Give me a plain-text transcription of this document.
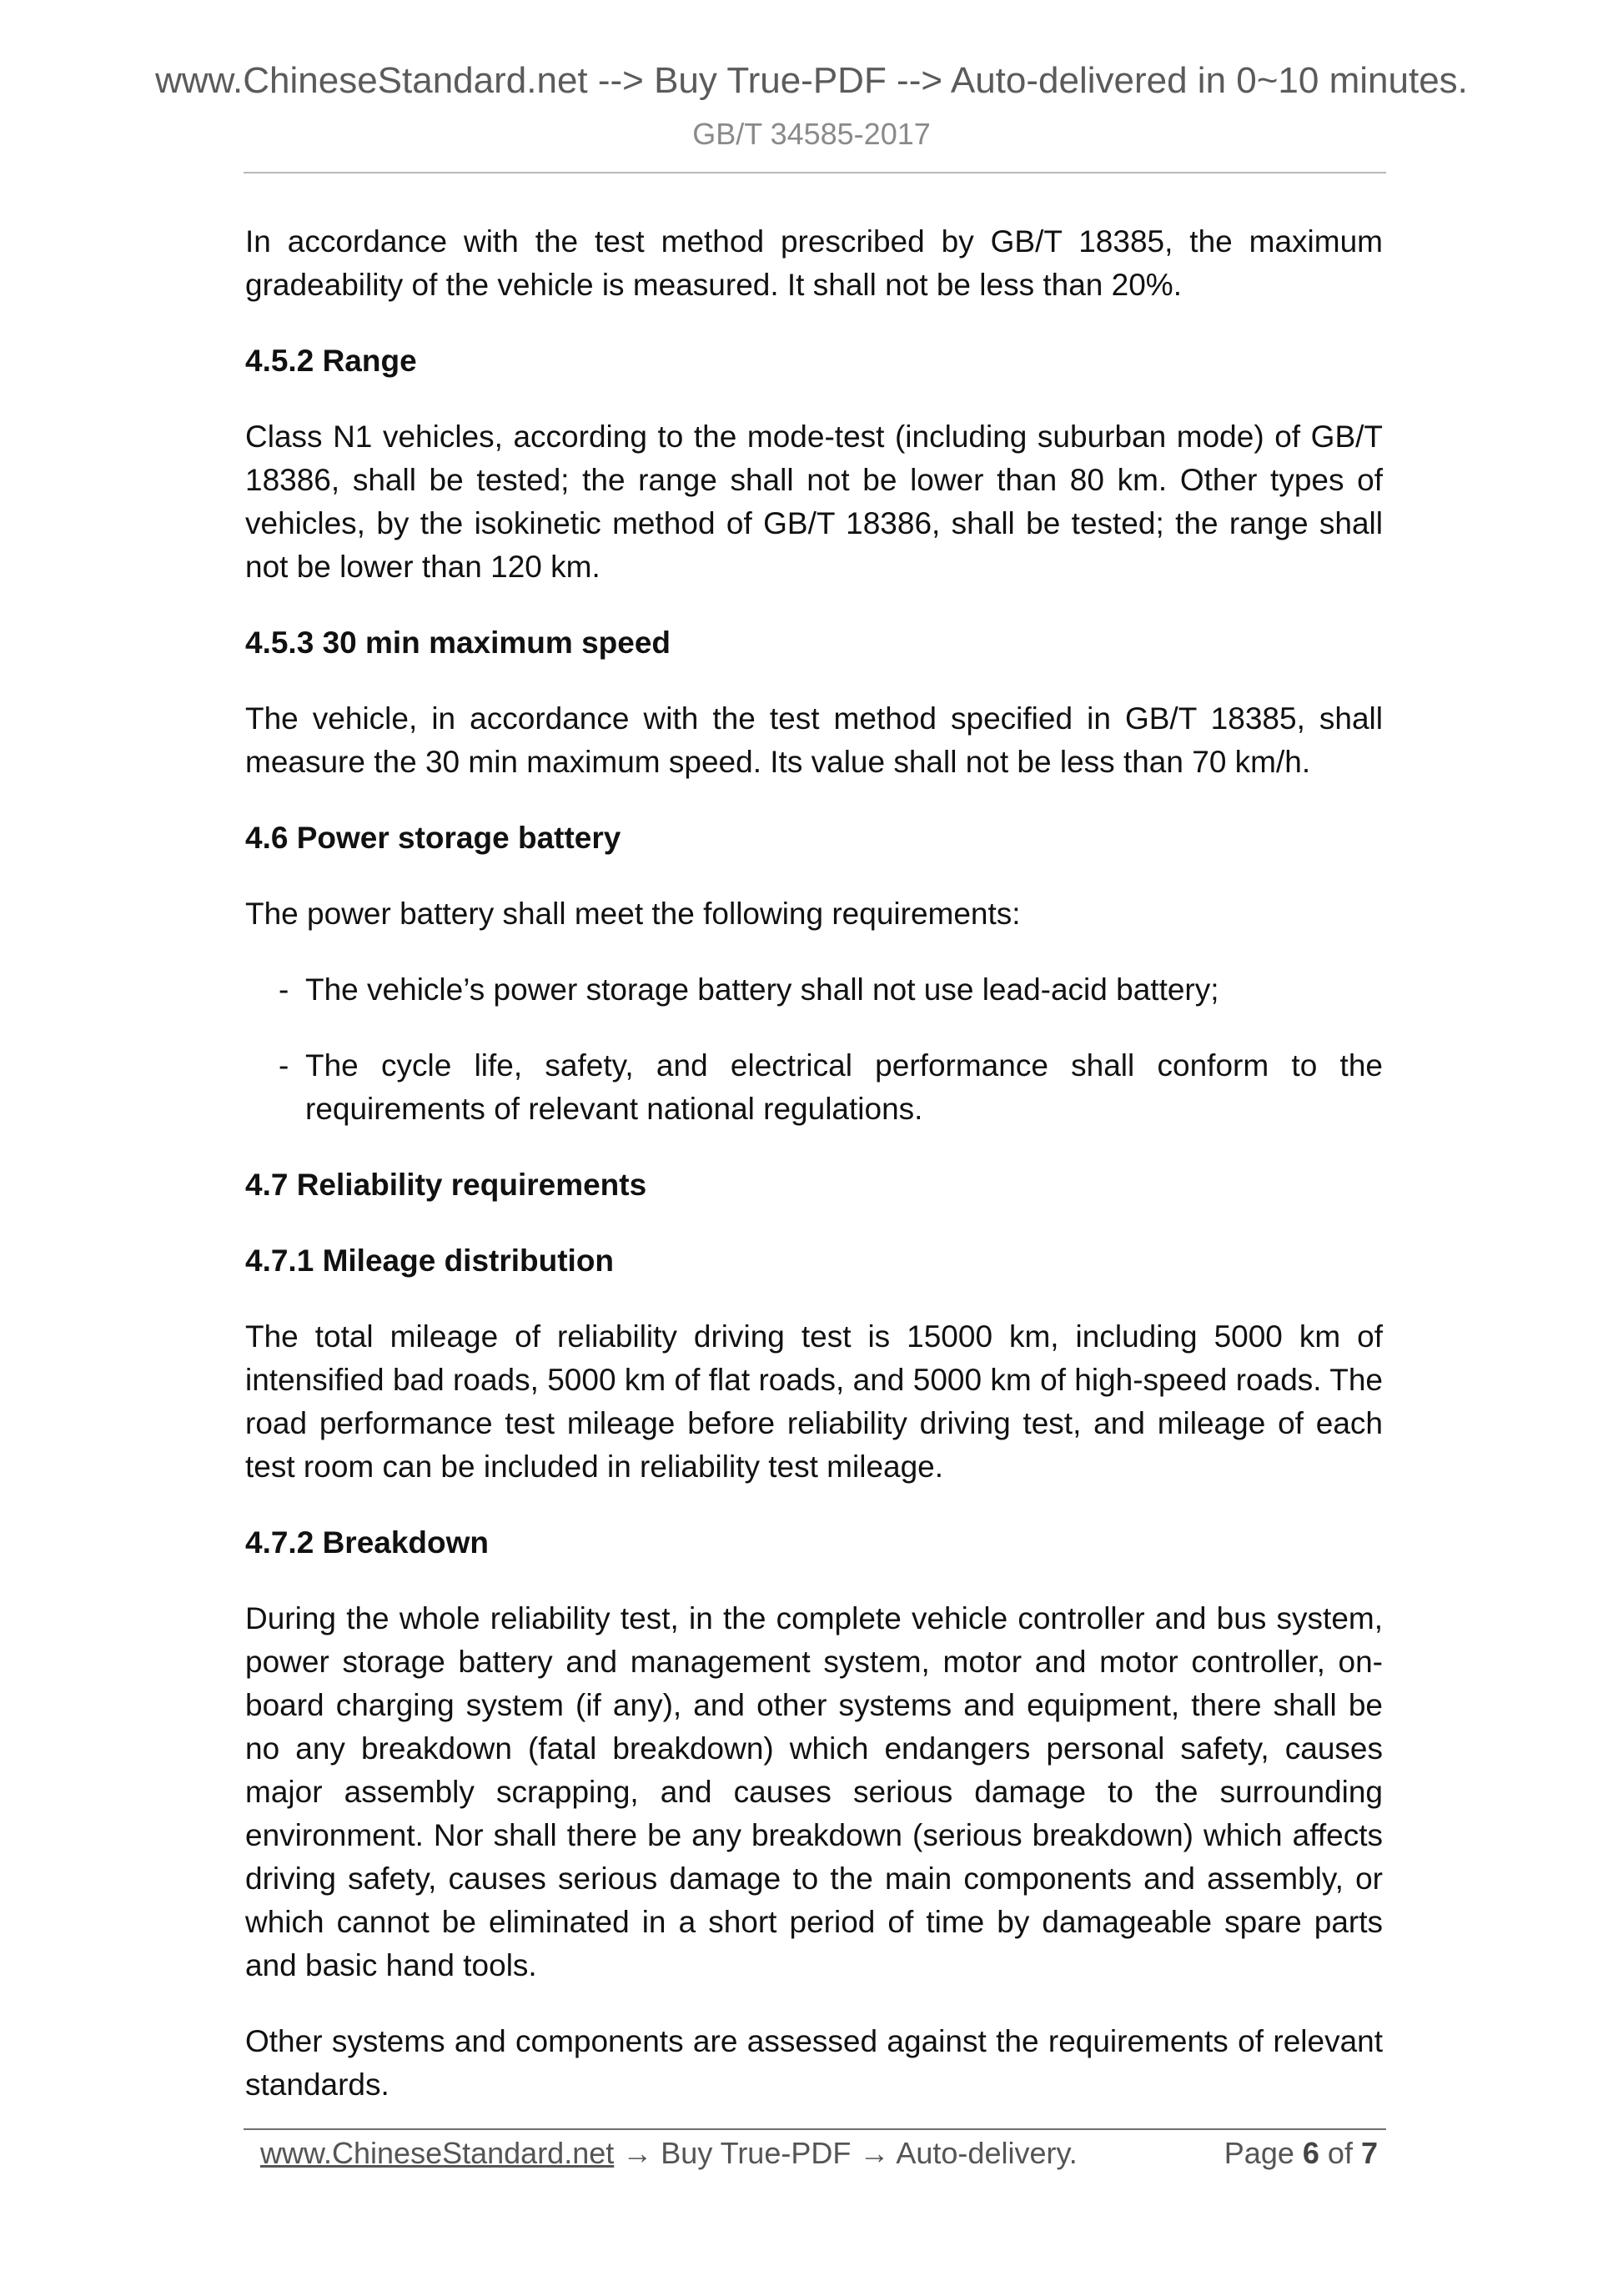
www.ChineseStandard.net --> Buy True-PDF --> Auto-delivered in 0~10 minutes.
GB/T 34585-2017

In accordance with the test method prescribed by GB/T 18385, the maximum gradeability of the vehicle is measured. It shall not be less than 20%.

4.5.2 Range

Class N1 vehicles, according to the mode-test (including suburban mode) of GB/T 18386, shall be tested; the range shall not be lower than 80 km. Other types of vehicles, by the isokinetic method of GB/T 18386, shall be tested; the range shall not be lower than 120 km.

4.5.3 30 min maximum speed

The vehicle, in accordance with the test method specified in GB/T 18385, shall measure the 30 min maximum speed. Its value shall not be less than 70 km/h.

4.6 Power storage battery

The power battery shall meet the following requirements:

- The vehicle’s power storage battery shall not use lead-acid battery;
- The cycle life, safety, and electrical performance shall conform to the requirements of relevant national regulations.
4.7 Reliability requirements
4.7.1 Mileage distribution

The total mileage of reliability driving test is 15000 km, including 5000 km of intensified bad roads, 5000 km of flat roads, and 5000 km of high-speed roads. The road performance test mileage before reliability driving test, and mileage of each test room can be included in reliability test mileage.

4.7.2 Breakdown

During the whole reliability test, in the complete vehicle controller and bus system, power storage battery and management system, motor and motor controller, on-board charging system (if any), and other systems and equipment, there shall be no any breakdown (fatal breakdown) which endangers personal safety, causes major assembly scrapping, and causes serious damage to the surrounding environment. Nor shall there be any breakdown (serious breakdown) which affects driving safety, causes serious damage to the main components and assembly, or which cannot be eliminated in a short period of time by damageable spare parts and basic hand tools.

Other systems and components are assessed against the requirements of relevant standards.

www.ChineseStandard.net → Buy True-PDF → Auto-delivery.	Page 6 of 7
